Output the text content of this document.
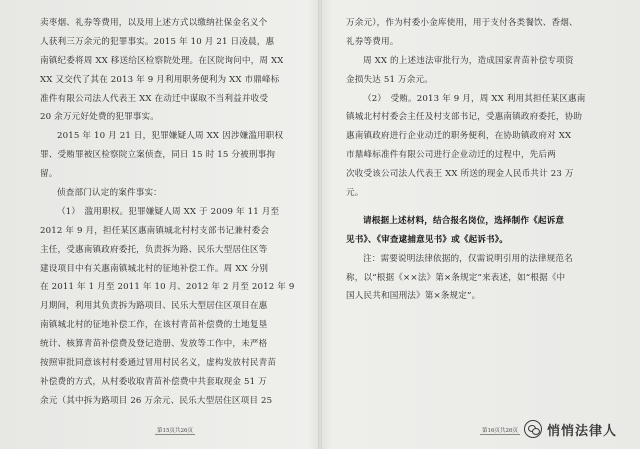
卖枣烟、礼券等费用，以及用上述方式以缴纳社保金名义个
人获利三万余元的犯罪事实。2015 年 10 月 21 日凌晨，惠
南镇纪委将周 XX 移送给区检察院处理。在区院询问中，周 XX
XX 又交代了其在 2013 年 9 月利用职务便利为 XX 市鼎峰标
准件有限公司法人代表王 XX 在动迁中谋取不当利益并收受
20 余万元好处费的犯罪事实。
2015 年 10 月 21 日，犯罪嫌疑人周 XX 因涉嫌滥用职权
罪、受贿罪被区检察院立案侦查，同日 15 时 15 分被刑事拘
留。
侦查部门认定的案件事实：
（1）　滥用职权。犯罪嫌疑人周 XX 于 2009 年 11 月至
2012 年 9 月，担任某区惠南镇城北村村支部书记兼村委会
主任，受惠南镇政府委托，负责拆为路、民乐大型居住区等
建设项目中有关惠南镇城北村的征地补偿工作。周 XX 分别
在 2011 年 1 月至 2011 年 10 月、2012 年 2 月至 2012 年 9
月期间，利用其负责拆为路项目、民乐大型居住区项目在惠
南镇城北村的征地补偿工作，在该村青苗补偿费的土地复垦
统计、核算青苗补偿费及登记造册、发放等工作中，未严格
按照审批同意该村村委通过冒用村民名义，虚构发放村民青苗
补偿费的方式，从村委收取青苗补偿费中共套取现金 51 万
余元（其中拆为路项目 26 万余元、民乐大型居住区项目 25
万余元），作为村委小金库使用，用于支付各类餐饮、香烟、
礼券等费用。
周 XX 的上述违法审批行为，造成国家青苗补偿专项资
金损失达 51 万余元。
（2）　受贿。2013 年 9 月，周 XX 利用其担任某区惠南
镇城北村村委会主任及村支部书记，受惠南镇政府委托，协助
惠南镇政府进行企业动迁的职务便利，在协助镇政府对 XX
市鼎峰标准件有限公司进行企业动迁的过程中，先后两
次收受该公司法人代表王 XX 所送的现金人民币共计 23 万
元。
请根据上述材料，结合报名岗位，选择制作《起诉意
见书》、《审查逮捕意见书》或《起诉书》。
注：需要说明法律依据的，仅需说明引用的法律规范名
称，以“根据《××法》第×条规定”来表述，如“根据《中
国人民共和国刑法》第×条规定”。
第15页共26页	第16页共26页 悄悄法律人
